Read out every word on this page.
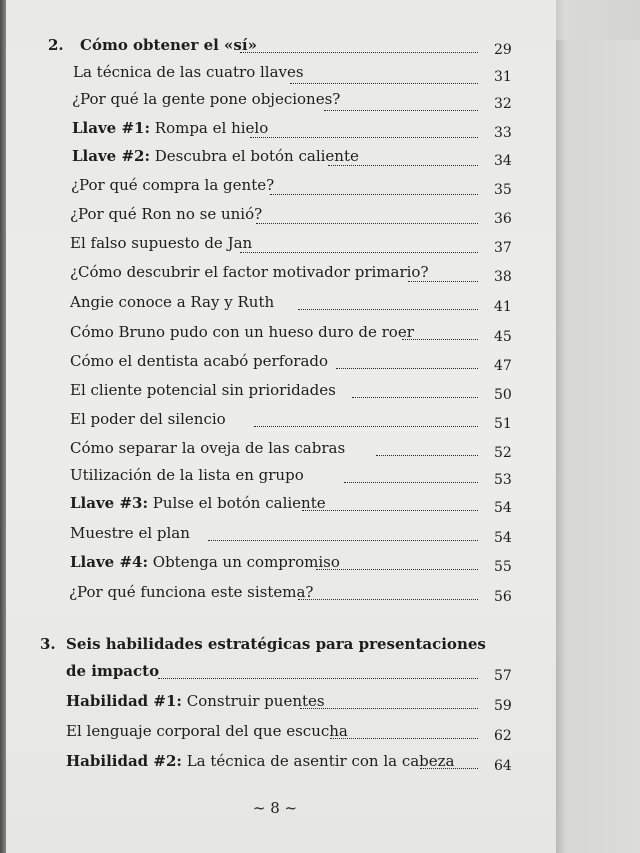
2. Cómo obtener el «sí»	29
La técnica de las cuatro llaves	31
¿Por qué la gente pone objeciones?	32
Llave #1: Rompa el hielo	33
Llave #2: Descubra el botón caliente	34
¿Por qué compra la gente?	35
¿Por qué Ron no se unió?	36
El falso supuesto de Jan	37
¿Cómo descubrir el factor motivador primario?	38
Angie conoce a Ray y Ruth	41
Cómo Bruno pudo con un hueso duro de roer	45
Cómo el dentista acabó perforado	47
El cliente potencial sin prioridades	50
El poder del silencio	51
Cómo separar la oveja de las cabras	52
Utilización de la lista en grupo	53
Llave #3: Pulse el botón caliente	54
Muestre el plan	54
Llave #4: Obtenga un compromiso	55
¿Por qué funciona este sistema?	56
3. Seis habilidades estratégicas para presentaciones
de impacto	57
Habilidad #1: Construir puentes	59
El lenguaje corporal del que escucha	62
Habilidad #2: La técnica de asentir con la cabeza	64
~ 8 ~
